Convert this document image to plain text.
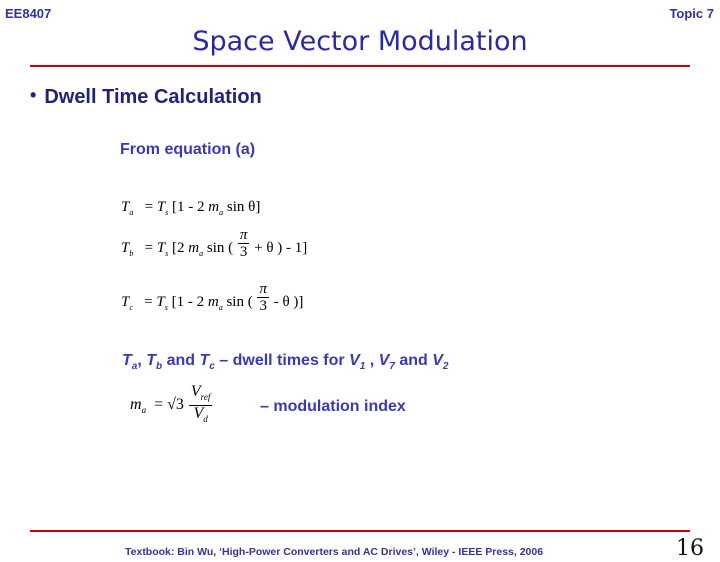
EE8407	Topic 7
Space Vector Modulation
• Dwell Time Calculation
From equation (a)
$T_a = T_s$ [1 - 2 $m_a$ sin θ]
$T_b = T_s$ [2 $m_a$ sin ( $\frac{\pi}{3} + \theta$ ) - 1]
$T_c = T_s$ [1 - 2 $m_a$ sin ( $\frac{\pi}{3}$ - θ )]
$T_a$, $T_b$ and $T_c$ – dwell times for $V_1$ , $V_7$ and $V_2$
$m_a = √3 \frac{V_{ref}}{V_d}$	– modulation index
Textbook: Bin Wu, ‘High-Power Converters and AC Drives’, Wiley - IEEE Press, 2006	16
